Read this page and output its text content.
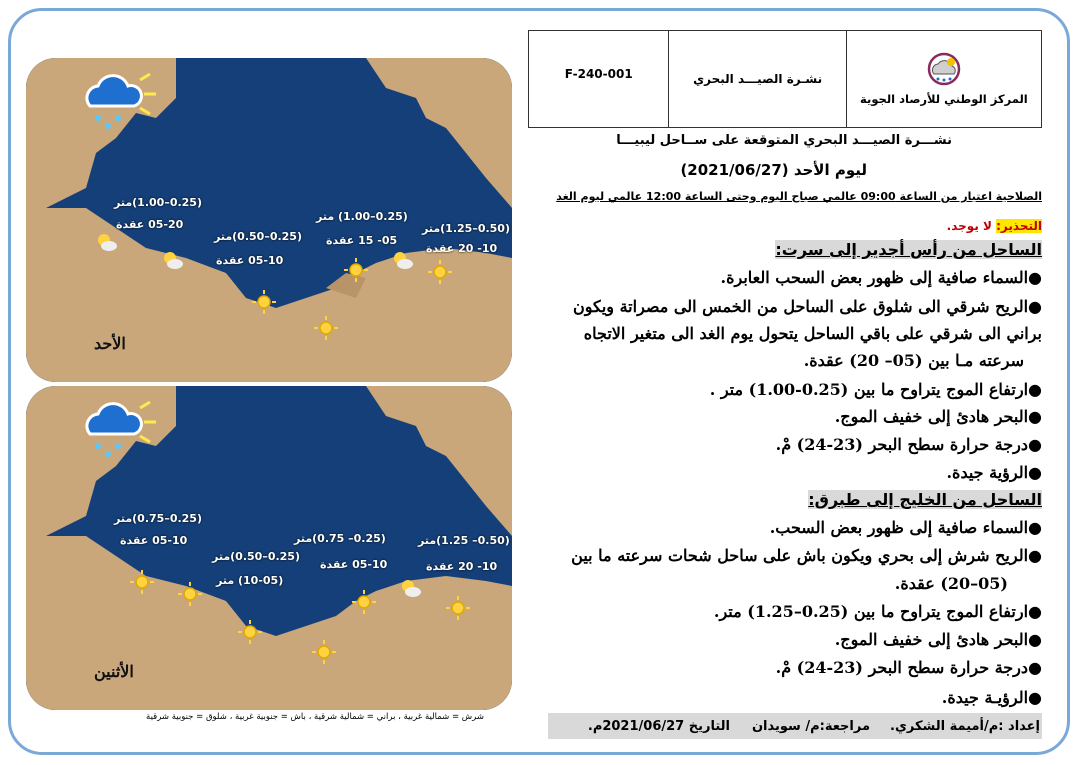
(0.25–1.00)متر
05-20 عقدة
(0.25–0.50)متر
05-10 عقدة
(0.25–1.00) متر
05- 15 عقدة
(0.50–1.25)متر
10- 20 عقدة
الأحد
(0.25–0.75)متر
05-10 عقدة
(0.25–0.50)متر
(10-05) متر
(0.25– 0.75)متر
05-10 عقدة
(0.50– 1.25)متر
10- 20 عقدة
الأثنين
شرش = شمالية غربية ، براني = شمالية شرقية ، باش = جنوبية غربية ، شلوق = جنوبية شرقية
المركز الوطني للأرصاد الجوية
نشـرة الصيـــد البحري
F-240-001
نشـــرة الصيـــد البحري المتوقعة على ســاحل ليبيـــا
ليوم الأحد (2021/06/27)
الصلاحية اعتبار من الساعة 09:00 عالمي صباح اليوم وحتى الساعة 12:00 عالمي ليوم الغد
التحذير: لا يوجد.
الساحل من رأس أجدير إلى سرت:
●السماء صافية إلى ظهور بعض السحب العابرة.
●الريح شرقي الى شلوق على الساحل من الخمس الى مصراتة ويكون
براني الى شرقي على باقي الساحل يتحول يوم الغد الى متغير الاتجاه
سرعته مـا بين (05– 20) عقدة.
●ارتفاع الموج يتراوح ما بين (0.25-1.00) متر .
●البحر هادئ إلى خفيف الموج.
●درجة حرارة سطح البحر (23-24) مْ.
●الرؤية جيدة.
الساحل من الخليج إلى طبرق:
●السماء صافية إلى ظهور بعض السحب.
●الريح شرش إلى بحري ويكون باش على ساحل شحات سرعته ما بين
(05–20) عقدة.
●ارتفاع الموج يتراوح ما بين (0.25–1.25) متر.
●البحر هادئ إلى خفيف الموج.
●درجة حرارة سطح البحر (23-24) مْ.
●الرؤيـة جيدة.
إعداد :م/أميمة الشكري.
مراجعة:م/ سويدان
التاريخ 2021/06/27م.
